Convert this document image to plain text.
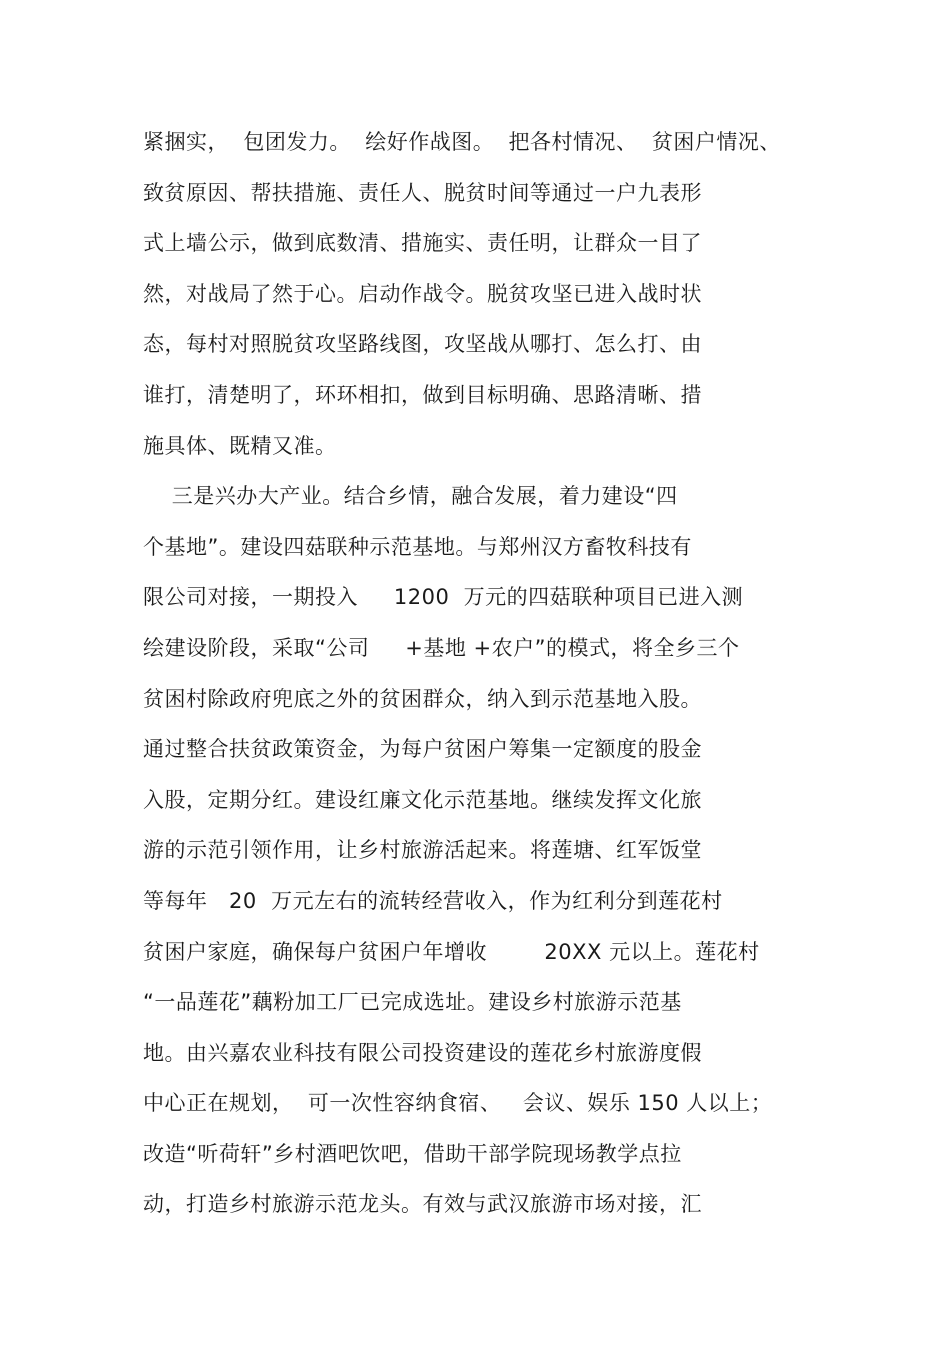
紧捆实，  包团发力。  绘好作战图。  把各村情况、  贫困户情况、
致贫原因、帮扶措施、责任人、脱贫时间等通过一户九表形
式上墙公示，做到底数清、措施实、责任明，让群众一目了
然，对战局了然于心。启动作战令。脱贫攻坚已进入战时状
态，每村对照脱贫攻坚路线图，攻坚战从哪打、怎么打、由
谁打，清楚明了，环环相扣，做到目标明确、思路清晰、措
施具体、既精又准。
三是兴办大产业。结合乡情，融合发展，着力建设“四
个基地”。建设四菇联种示范基地。与郑州汉方畜牧科技有
限公司对接，一期投入     1200  万元的四菇联种项目已进入测
绘建设阶段，采取“公司     +基地 +农户”的模式，将全乡三个
贫困村除政府兜底之外的贫困群众，纳入到示范基地入股。
通过整合扶贫政策资金，为每户贫困户筹集一定额度的股金
入股，定期分红。建设红廉文化示范基地。继续发挥文化旅
游的示范引领作用，让乡村旅游活起来。将莲塘、红军饭堂
等每年   20  万元左右的流转经营收入，作为红利分到莲花村
贫困户家庭，确保每户贫困户年增收        20XX 元以上。莲花村
“一品莲花”藕粉加工厂已完成选址。建设乡村旅游示范基
地。由兴嘉农业科技有限公司投资建设的莲花乡村旅游度假
中心正在规划，  可一次性容纳食宿、   会议、娱乐 150 人以上；
改造“听荷轩”乡村酒吧饮吧，借助干部学院现场教学点拉
动，打造乡村旅游示范龙头。有效与武汉旅游市场对接，汇
